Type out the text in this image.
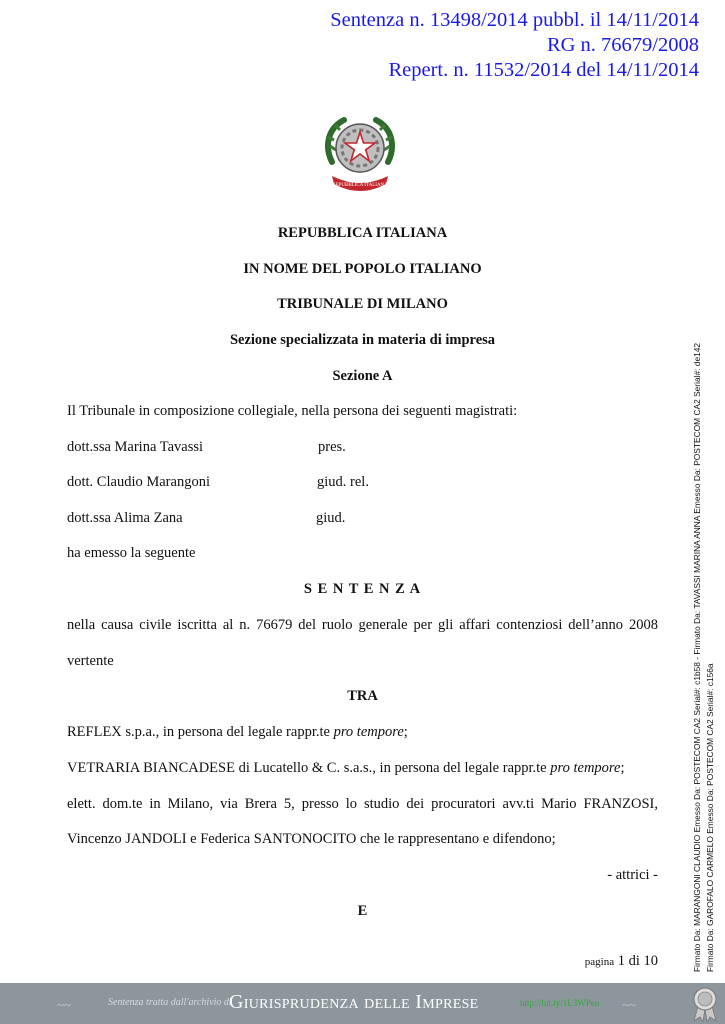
Sentenza n. 13498/2014 pubbl. il 14/11/2014
RG n. 76679/2008
Repert. n. 11532/2014 del 14/11/2014
REPUBBLICA ITALIANA
REPUBBLICA ITALIANA
IN NOME DEL POPOLO ITALIANO
TRIBUNALE DI MILANO
Sezione specializzata in materia di impresa
Sezione A
Il Tribunale in composizione collegiale, nella persona dei seguenti magistrati:
dott.ssa Marina Tavassi	pres.
dott. Claudio Marangoni	giud. rel.
dott.ssa Alima Zana	giud.
ha emesso la seguente
S E N T E N Z A
nella causa civile iscritta al n. 76679 del ruolo generale per gli affari contenziosi dell’anno 2008
vertente
TRA
REFLEX s.p.a., in persona del legale rappr.te pro tempore;
VETRARIA BIANCADESE di Lucatello & C. s.a.s., in persona del legale rappr.te pro tempore;
elett. dom.te in Milano, via Brera 5, presso lo studio dei procuratori avv.ti Mario FRANZOSI,
Vincenzo JANDOLI e Federica SANTONOCITO che le rappresentano e difendono;
- attrici -
E
pagina 1 di 10	Firmato Da: MARANGONI CLAUDIO Emesso Da: POSTECOM CA2 Serial#: c1b58 - Firmato Da: TAVASSI MARINA ANNA Emesso Da: POSTECOM CA2 Serial#: de142 Firmato Da: GAROFALO CARMELO Emesso Da: POSTECOM CA2 Serial#: c156a
~~	Sentenza tratta dall'archivio di
Giurisprudenza delle Imprese	http://bit.ly/1L3WPen ~~
